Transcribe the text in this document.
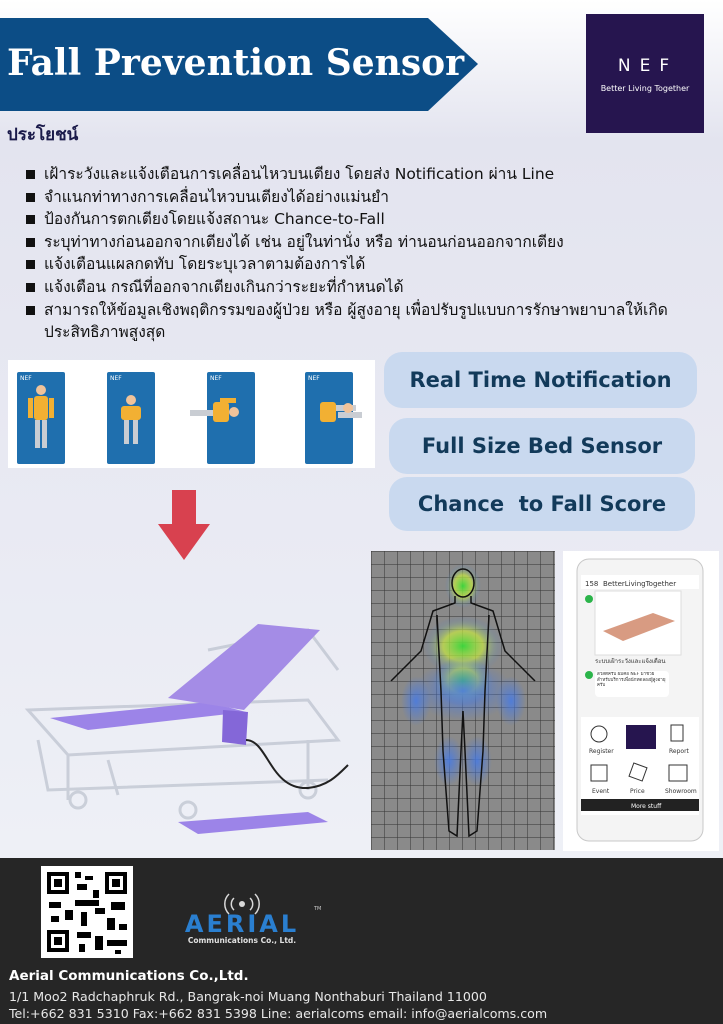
Fall Prevention Sensor	NEF
Better Living Together
ประโยชน์
เฝ้าระวังและแจ้งเตือนการเคลื่อนไหวบนเตียง โดยส่ง Notification ผ่าน Line
จำแนกท่าทางการเคลื่อนไหวบนเตียงได้อย่างแม่นยำ
ป้องกันการตกเตียงโดยแจ้งสถานะ Chance-to-Fall
ระบุท่าทางก่อนออกจากเตียงได้ เช่น อยู่ในท่านั่ง หรือ ท่านอนก่อนออกจากเตียง
แจ้งเตือนแผลกดทับ โดยระบุเวลาตามต้องการได้
แจ้งเตือน กรณีที่ออกจากเตียงเกินกว่าระยะที่กำหนดได้
สามารถให้ข้อมูลเชิงพฤติกรรมของผู้ป่วย หรือ ผู้สูงอายุ เพื่อปรับรูปแบบการรักษาพยาบาลให้เกิดประสิทธิภาพสูงสุด
NEF	NEF	NEF	NEF	Real Time Notification
Full Size Bed Sensor
Chance  to Fall Score
158 BetterLivingTogether
ระบบเฝ้าระวังและแจ้งเตือน
สวัสดีครับ ผมคือ NEF มาช่วยสำหรับบริการเพื่อนักทดลองผู้สูงอายุครับ
Register	Report
Event	Price	Showroom
More stuff
AERIAL
TM
Communications Co., Ltd.
Aerial Communications Co.,Ltd.
1/1 Moo2 Radchaphruk Rd., Bangrak-noi Muang Nonthaburi Thailand 11000
Tel:+662 831 5310 Fax:+662 831 5398 Line: aerialcoms email: info@aerialcoms.com
